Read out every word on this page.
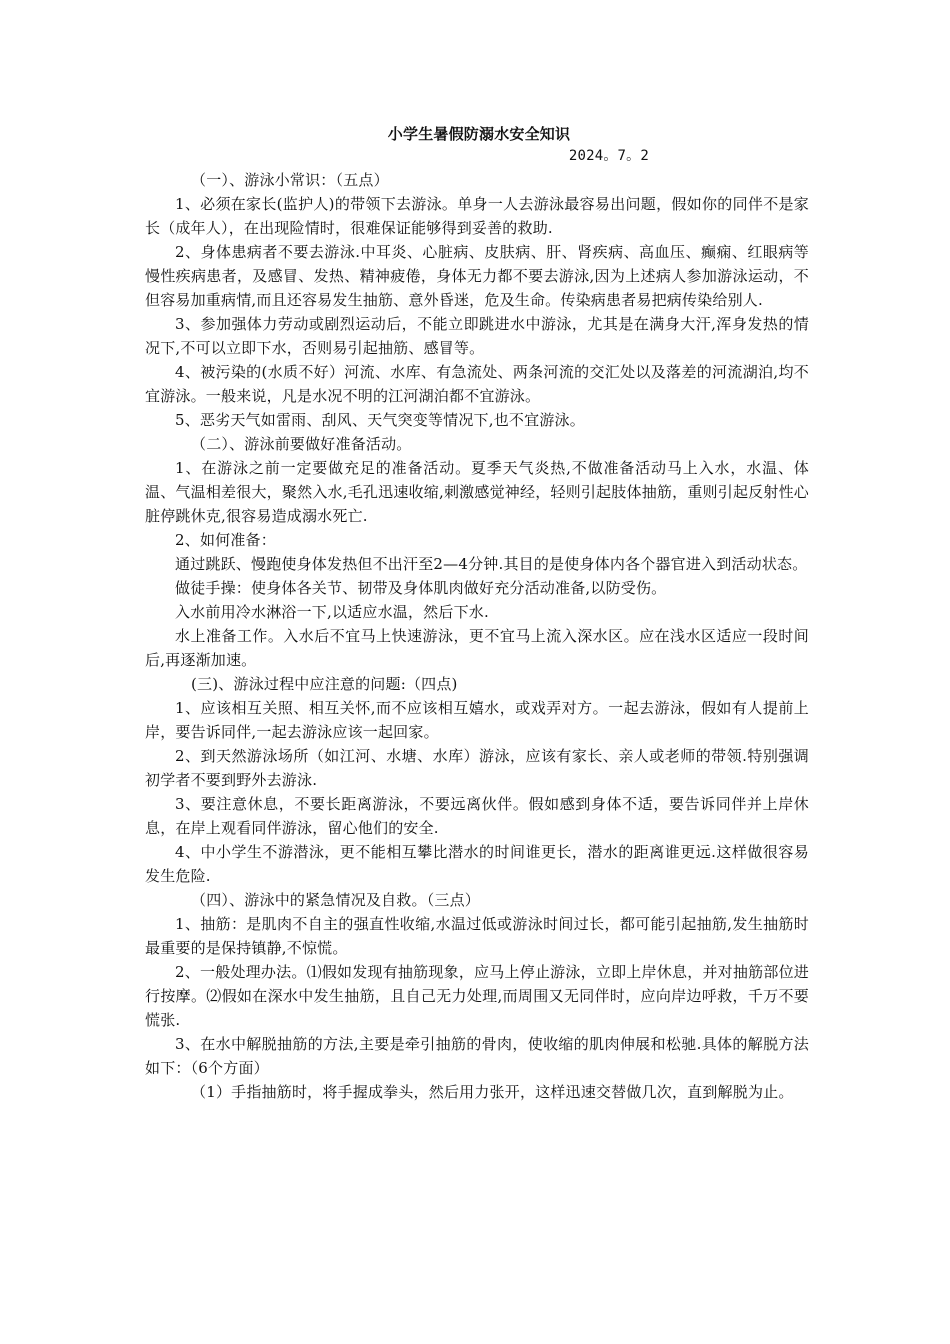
小学生暑假防溺水安全知识
2024。7。2

（一）、游泳小常识：（五点）

1、必须在家长(监护人)的带领下去游泳。单身一人去游泳最容易出问题，假如你的同伴不是家长（成年人），在出现险情时，很难保证能够得到妥善的救助.

2、身体患病者不要去游泳.中耳炎、心脏病、皮肤病、肝、肾疾病、高血压、癫痫、红眼病等慢性疾病患者，及感冒、发热、精神疲倦，身体无力都不要去游泳,因为上述病人参加游泳运动，不但容易加重病情,而且还容易发生抽筋、意外昏迷，危及生命。传染病患者易把病传染给别人.

3、参加强体力劳动或剧烈运动后，不能立即跳进水中游泳，尤其是在满身大汗,浑身发热的情况下,不可以立即下水，否则易引起抽筋、感冒等。

4、被污染的(水质不好）河流、水库、有急流处、两条河流的交汇处以及落差的河流湖泊,均不宜游泳。一般来说，凡是水况不明的江河湖泊都不宜游泳。

5、恶劣天气如雷雨、刮风、天气突变等情况下,也不宜游泳。

（二）、游泳前要做好准备活动。

1、在游泳之前一定要做充足的准备活动。夏季天气炎热,不做准备活动马上入水，水温、体温、气温相差很大，聚然入水,毛孔迅速收缩,刺激感觉神经，轻则引起肢体抽筋，重则引起反射性心脏停跳休克,很容易造成溺水死亡.

2、如何准备：

通过跳跃、慢跑使身体发热但不出汗至2—4分钟.其目的是使身体内各个器官进入到活动状态。

做徒手操：使身体各关节、韧带及身体肌肉做好充分活动准备,以防受伤。

入水前用冷水淋浴一下,以适应水温，然后下水.

水上准备工作。入水后不宜马上快速游泳，更不宜马上流入深水区。应在浅水区适应一段时间后,再逐渐加速。

(三)、游泳过程中应注意的问题:（四点)

1、应该相互关照、相互关怀,而不应该相互嬉水，或戏弄对方。一起去游泳，假如有人提前上岸，要告诉同伴,一起去游泳应该一起回家。

2、到天然游泳场所（如江河、水塘、水库）游泳，应该有家长、亲人或老师的带领.特别强调初学者不要到野外去游泳.

3、要注意休息，不要长距离游泳，不要远离伙伴。假如感到身体不适，要告诉同伴并上岸休息，在岸上观看同伴游泳，留心他们的安全.

4、中小学生不游潜泳，更不能相互攀比潜水的时间谁更长，潜水的距离谁更远.这样做很容易发生危险.

（四）、游泳中的紧急情况及自救。（三点）

1、抽筋：是肌肉不自主的强直性收缩,水温过低或游泳时间过长，都可能引起抽筋,发生抽筋时最重要的是保持镇静,不惊慌。

2、一般处理办法。⑴假如发现有抽筋现象，应马上停止游泳，立即上岸休息，并对抽筋部位进行按摩。⑵假如在深水中发生抽筋，且自己无力处理,而周围又无同伴时，应向岸边呼救，千万不要慌张.

3、在水中解脱抽筋的方法,主要是牵引抽筋的骨肉，使收缩的肌肉伸展和松驰.具体的解脱方法如下：（6个方面）

（1）手指抽筋时，将手握成拳头，然后用力张开，这样迅速交替做几次，直到解脱为止。
